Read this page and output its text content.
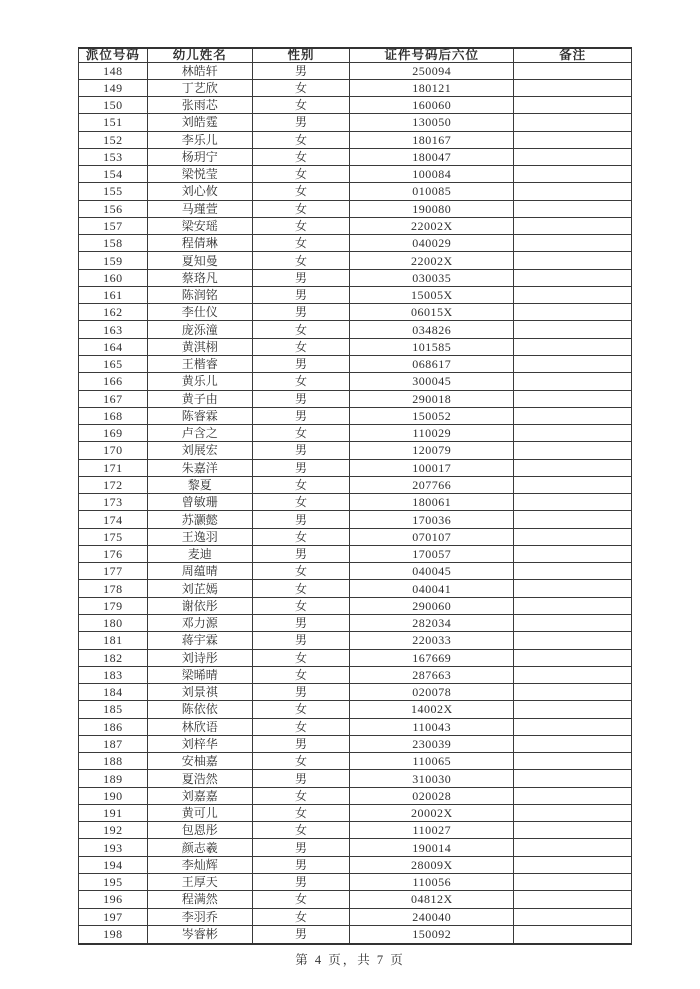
派位号码	幼儿姓名	性别	证件号码后六位	备注
148	林皓轩	男	250094	
149	丁艺欣	女	180121	
150	张雨芯	女	160060	
151	刘皓霆	男	130050	
152	李乐儿	女	180167	
153	杨玥宁	女	180047	
154	梁悦莹	女	100084	
155	刘心攸	女	010085	
156	马瑾萱	女	190080	
157	梁安瑶	女	22002X	
158	程倩琳	女	040029	
159	夏知曼	女	22002X	
160	蔡珞凡	男	030035	
161	陈润铭	男	15005X	
162	李仕仪	男	06015X	
163	庞泺潼	女	034826	
164	黄淇栩	女	101585	
165	王楷睿	男	068617	
166	黄乐儿	女	300045	
167	黄子由	男	290018	
168	陈睿霖	男	150052	
169	卢含之	女	110029	
170	刘展宏	男	120079	
171	朱嘉洋	男	100017	
172	黎夏	女	207766	
173	曾敏珊	女	180061	
174	苏灏懿	男	170036	
175	王逸羽	女	070107	
176	麦迪	男	170057	
177	周蕴晴	女	040045	
178	刘芷嫣	女	040041	
179	谢依彤	女	290060	
180	邓力源	男	282034	
181	蒋宇霖	男	220033	
182	刘诗彤	女	167669	
183	梁晞晴	女	287663	
184	刘景祺	男	020078	
185	陈依依	女	14002X	
186	林欣语	女	110043	
187	刘梓华	男	230039	
188	安柚嘉	女	110065	
189	夏浩然	男	310030	
190	刘嘉嘉	女	020028	
191	黄可儿	女	20002X	
192	包恩彤	女	110027	
193	颜志羲	男	190014	
194	李灿辉	男	28009X	
195	王厚天	男	110056	
196	程满然	女	04812X	
197	李羽乔	女	240040	
198	岑睿彬	男	150092	
第 4 页，共 7 页
